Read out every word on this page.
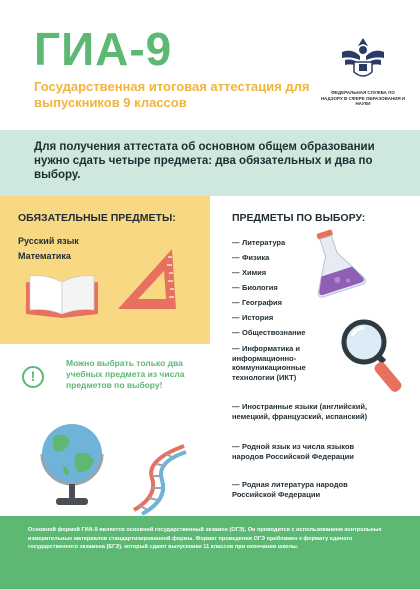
ГИА-9
Государственная итоговая аттестация для выпускников 9 классов
ФЕДЕРАЛЬНАЯ СЛУЖБА ПО НАДЗОРУ В СФЕРЕ ОБРАЗОВАНИЯ И НАУКИ
Для получения аттестата об основном общем образовании нужно сдать четыре предмета: два обязательных и два по выбору.
ОБЯЗАТЕЛЬНЫЕ ПРЕДМЕТЫ:
Русский язык
Математика
ПРЕДМЕТЫ ПО ВЫБОРУ:
— Литература
— Физика
— Химия
— Биология
— География
— История
— Обществознание
— Информатика и информационно-коммуникационные технологии (ИКТ)
— Иностранные языки (английский, немецкий, французский, испанский)
— Родной язык из числа языков народов Российской Федерации
— Родная литература народов Российской Федерации
!
Можно выбрать только два учебных предмета из числа предметов по выбору!
Основной формой ГИА-9 является основной государственный экзамен (ОГЭ). Он проводится с использованием контрольных измерительных материалов стандартизированной формы. Формат проведения ОГЭ приближен к формату единого государственного экзамена (ЕГЭ), который сдают выпускники 11 классов при окончании школы.
